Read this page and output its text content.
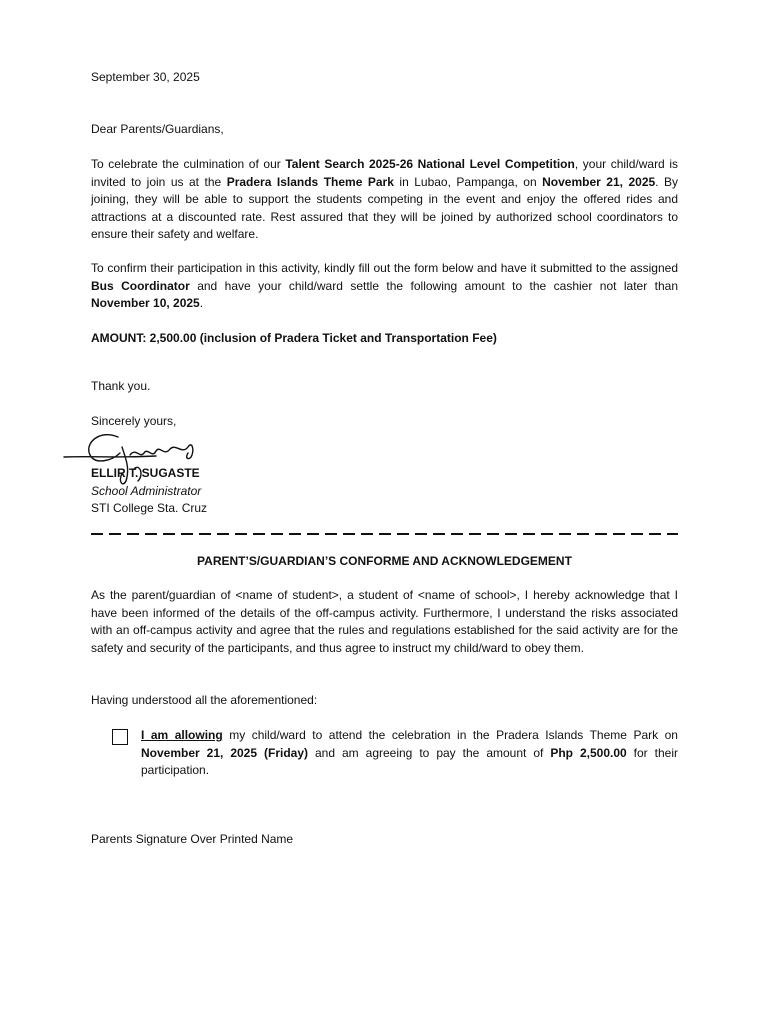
September 30, 2025
Dear Parents/Guardians,
To celebrate the culmination of our Talent Search 2025-26 National Level Competition, your child/ward is invited to join us at the Pradera Islands Theme Park in Lubao, Pampanga, on November 21, 2025. By joining, they will be able to support the students competing in the event and enjoy the offered rides and attractions at a discounted rate. Rest assured that they will be joined by authorized school coordinators to ensure their safety and welfare.
To confirm their participation in this activity, kindly fill out the form below and have it submitted to the assigned Bus Coordinator and have your child/ward settle the following amount to the cashier not later than November 10, 2025.
AMOUNT: 2,500.00 (inclusion of Pradera Ticket and Transportation Fee)
Thank you.
Sincerely yours,
ELLIR T. SUGASTE
School Administrator
STI College Sta. Cruz
PARENT’S/GUARDIAN’S CONFORME AND ACKNOWLEDGEMENT
As the parent/guardian of <name of student>, a student of <name of school>, I hereby acknowledge that I have been informed of the details of the off-campus activity. Furthermore, I understand the risks associated with an off-campus activity and agree that the rules and regulations established for the said activity are for the safety and security of the participants, and thus agree to instruct my child/ward to obey them.
Having understood all the aforementioned:
I am allowing my child/ward to attend the celebration in the Pradera Islands Theme Park on November 21, 2025 (Friday) and am agreeing to pay the amount of Php 2,500.00 for their participation.
Parents Signature Over Printed Name
